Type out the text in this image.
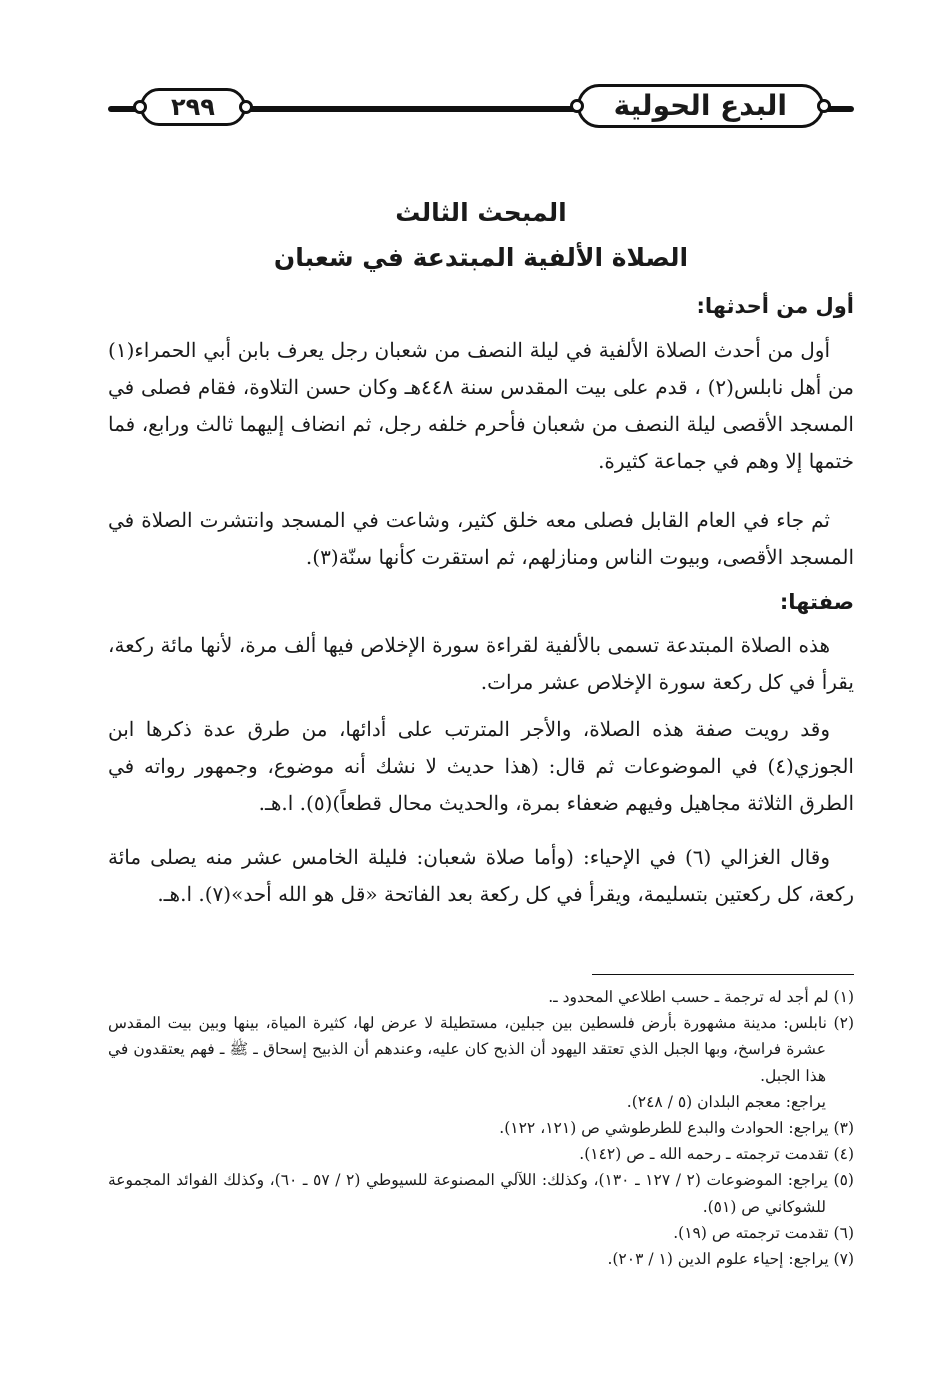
البدع الحولية
٢٩٩
المبحث الثالث
الصلاة الألفية المبتدعة في شعبان
أول من أحدثها:

أول من أحدث الصلاة الألفية في ليلة النصف من شعبان رجل يعرف بابن أبي الحمراء(١) من أهل نابلس(٢) ، قدم على بيت المقدس سنة ٤٤٨هـ وكان حسن التلاوة، فقام فصلى في المسجد الأقصى ليلة النصف من شعبان فأحرم خلفه رجل، ثم انضاف إليهما ثالث ورابع، فما ختمها إلا وهم في جماعة كثيرة.

ثم جاء في العام القابل فصلى معه خلق كثير، وشاعت في المسجد وانتشرت الصلاة في المسجد الأقصى، وبيوت الناس ومنازلهم، ثم استقرت كأنها سنّة(٣).

صفتها:

هذه الصلاة المبتدعة تسمى بالألفية لقراءة سورة الإخلاص فيها ألف مرة، لأنها مائة ركعة، يقرأ في كل ركعة سورة الإخلاص عشر مرات.

وقد رويت صفة هذه الصلاة، والأجر المترتب على أدائها، من طرق عدة ذكرها ابن الجوزي(٤) في الموضوعات ثم قال: (هذا حديث لا نشك أنه موضوع، وجمهور رواته في الطرق الثلاثة مجاهيل وفيهم ضعفاء بمرة، والحديث محال قطعاً)(٥). ا.هـ.

وقال الغزالي (٦) في الإحياء: (وأما صلاة شعبان: فليلة الخامس عشر منه يصلى مائة ركعة، كل ركعتين بتسليمة، ويقرأ في كل ركعة بعد الفاتحة «قل هو الله أحد»(٧). ا.هـ.

(١) لم أجد له ترجمة ـ حسب اطلاعي المحدود ـ.

(٢) نابلس: مدينة مشهورة بأرض فلسطين بين جبلين، مستطيلة لا عرض لها، كثيرة المياة، بينها وبين بيت المقدس عشرة فراسخ، وبها الجبل الذي تعتقد اليهود أن الذبح كان عليه، وعندهم أن الذبيح إسحاق ـ ﷺ ـ فهم يعتقدون في هذا الجبل.

يراجع: معجم البلدان (٥ / ٢٤٨).

(٣) يراجع: الحوادث والبدع للطرطوشي ص (١٢١، ١٢٢).

(٤) تقدمت ترجمته ـ رحمه الله ـ ص (١٤٢).

(٥) يراجع: الموضوعات (٢ / ١٢٧ ـ ١٣٠)، وكذلك: اللآلي المصنوعة للسيوطي (٢ / ٥٧ ـ ٦٠)، وكذلك الفوائد المجموعة للشوكاني ص (٥١).

(٦) تقدمت ترجمته ص (١٩).

(٧) يراجع: إحياء علوم الدين (١ / ٢٠٣).
